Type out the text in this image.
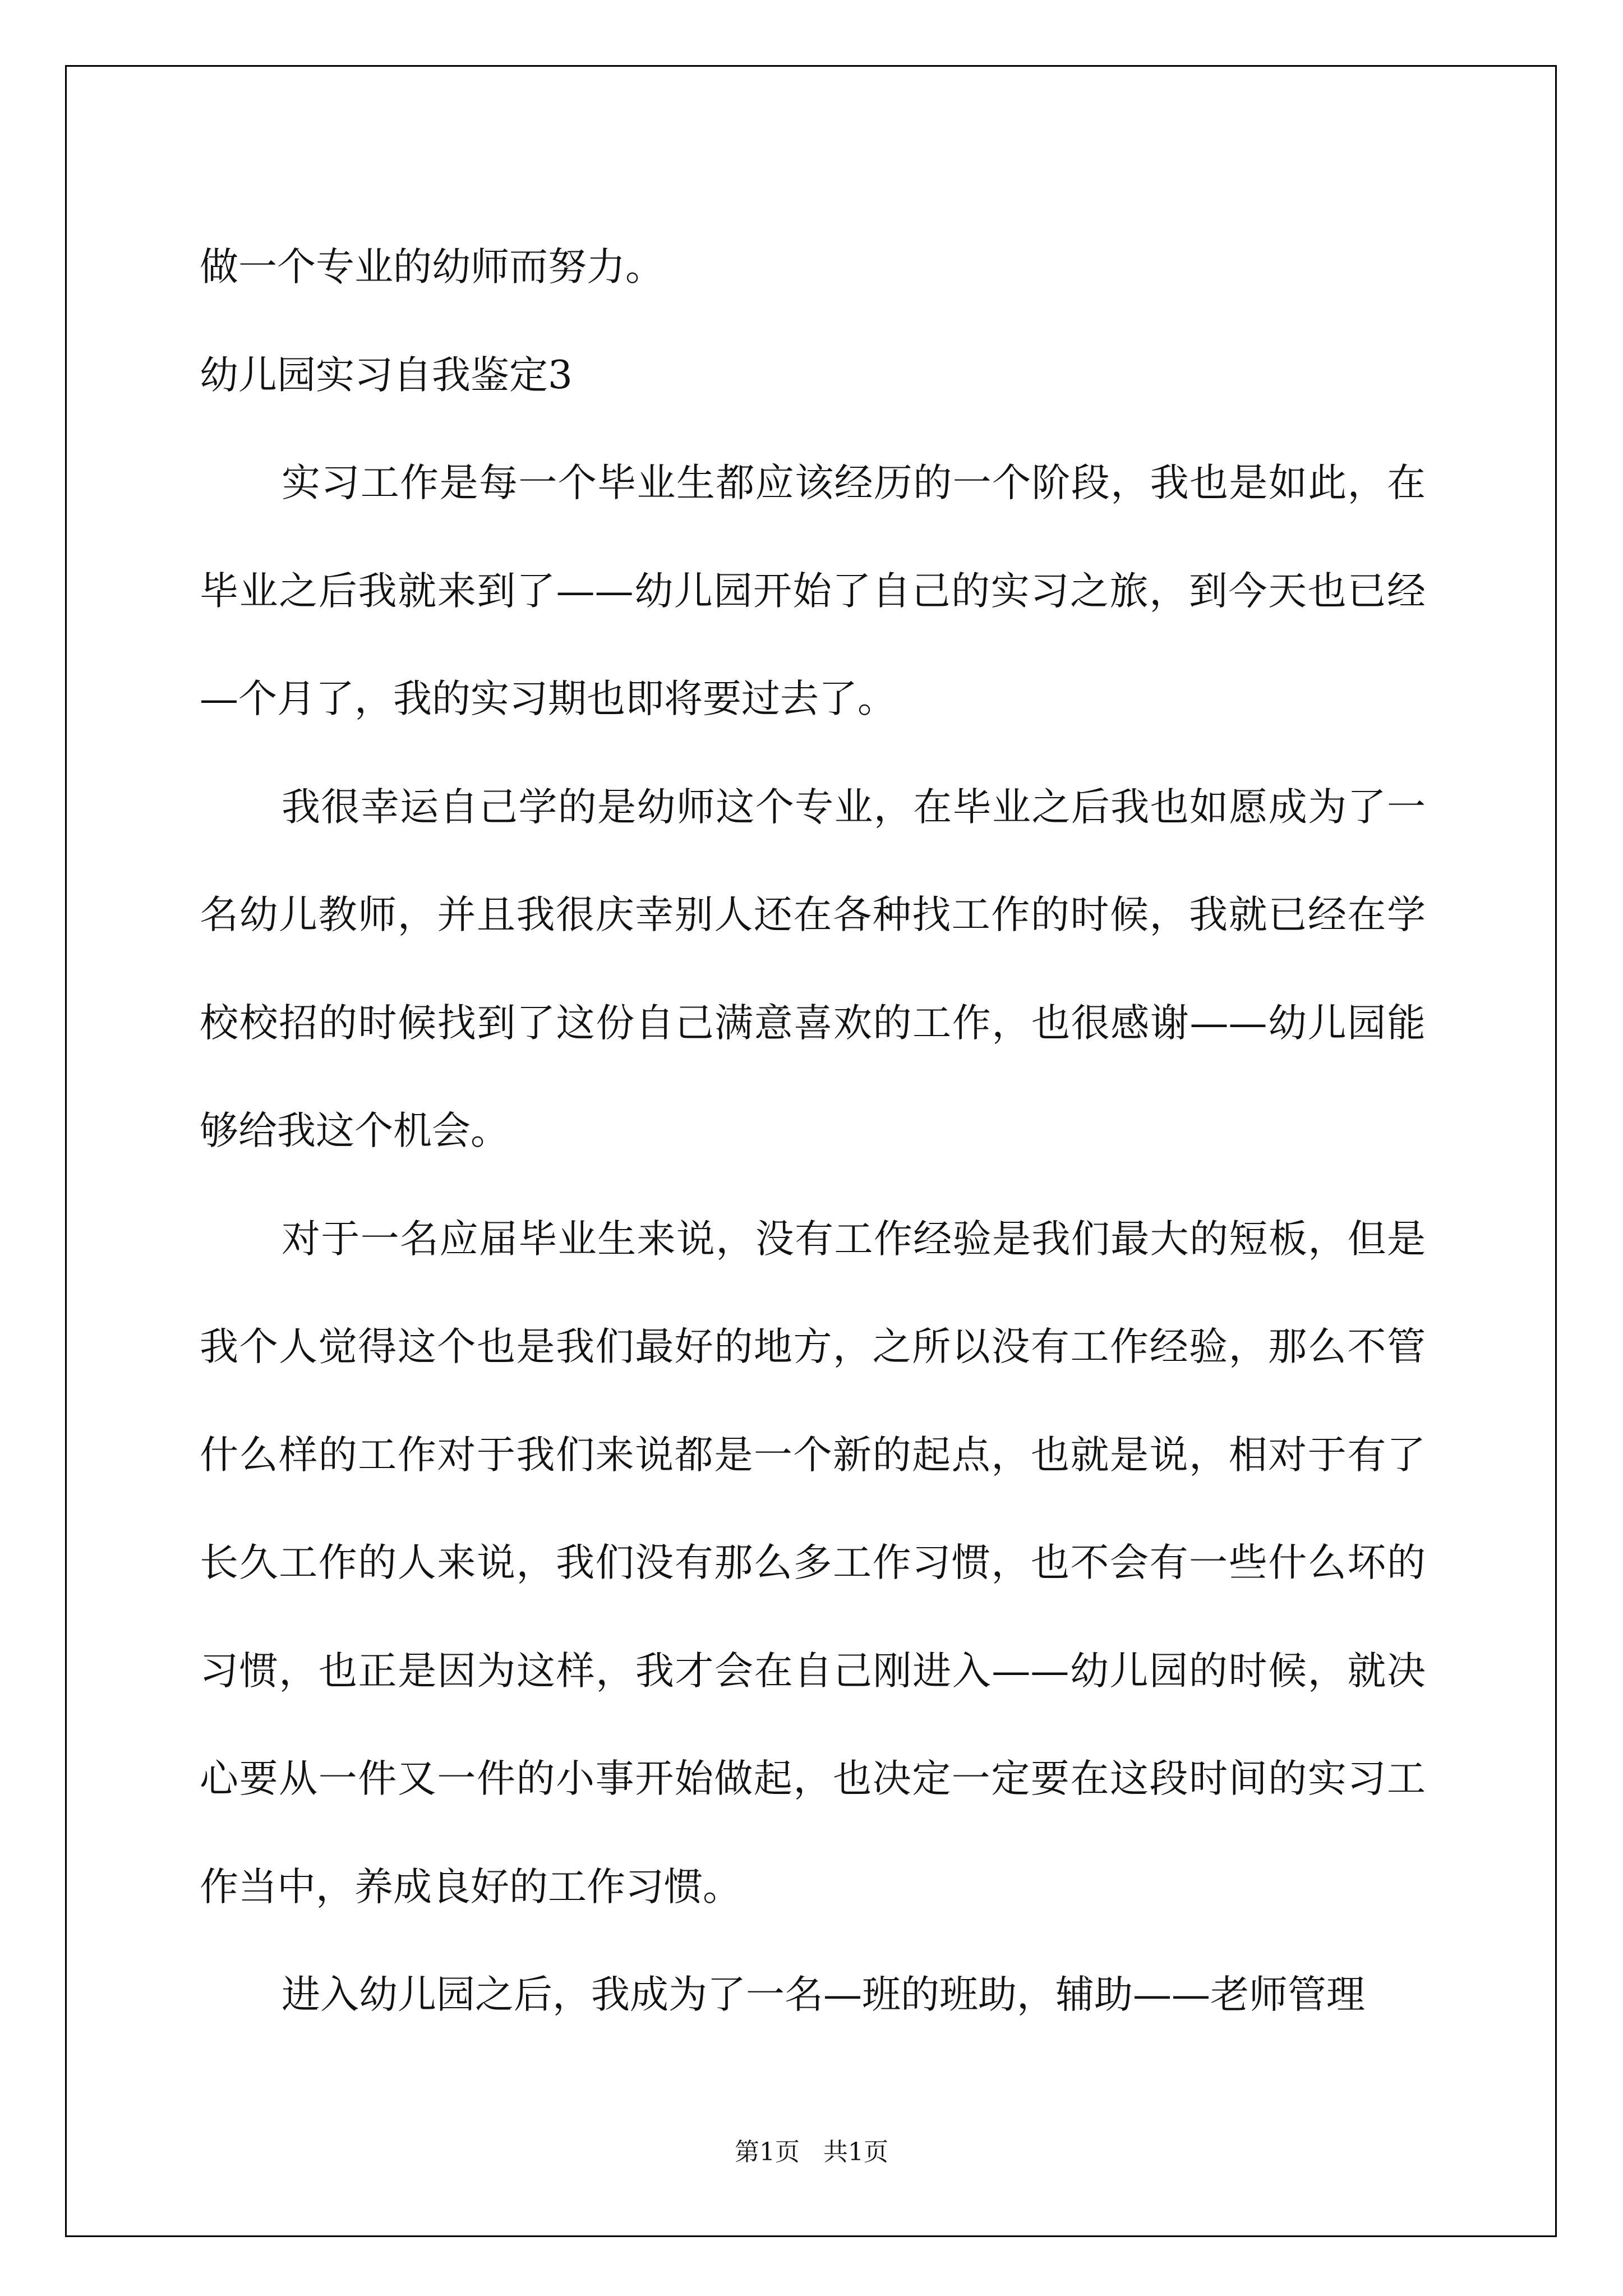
做一个专业的幼师而努力。

幼儿园实习自我鉴定3

实习工作是每一个毕业生都应该经历的一个阶段，我也是如此，在毕业之后我就来到了——幼儿园开始了自己的实习之旅，到今天也已经—个月了，我的实习期也即将要过去了。

我很幸运自己学的是幼师这个专业，在毕业之后我也如愿成为了一名幼儿教师，并且我很庆幸别人还在各种找工作的时候，我就已经在学校校招的时候找到了这份自己满意喜欢的工作，也很感谢——幼儿园能够给我这个机会。

对于一名应届毕业生来说，没有工作经验是我们最大的短板，但是我个人觉得这个也是我们最好的地方，之所以没有工作经验，那么不管什么样的工作对于我们来说都是一个新的起点，也就是说，相对于有了长久工作的人来说，我们没有那么多工作习惯，也不会有一些什么坏的习惯，也正是因为这样，我才会在自己刚进入——幼儿园的时候，就决心要从一件又一件的小事开始做起，也决定一定要在这段时间的实习工作当中，养成良好的工作习惯。

进入幼儿园之后，我成为了一名—班的班助，辅助——老师管理

第1页   共1页
